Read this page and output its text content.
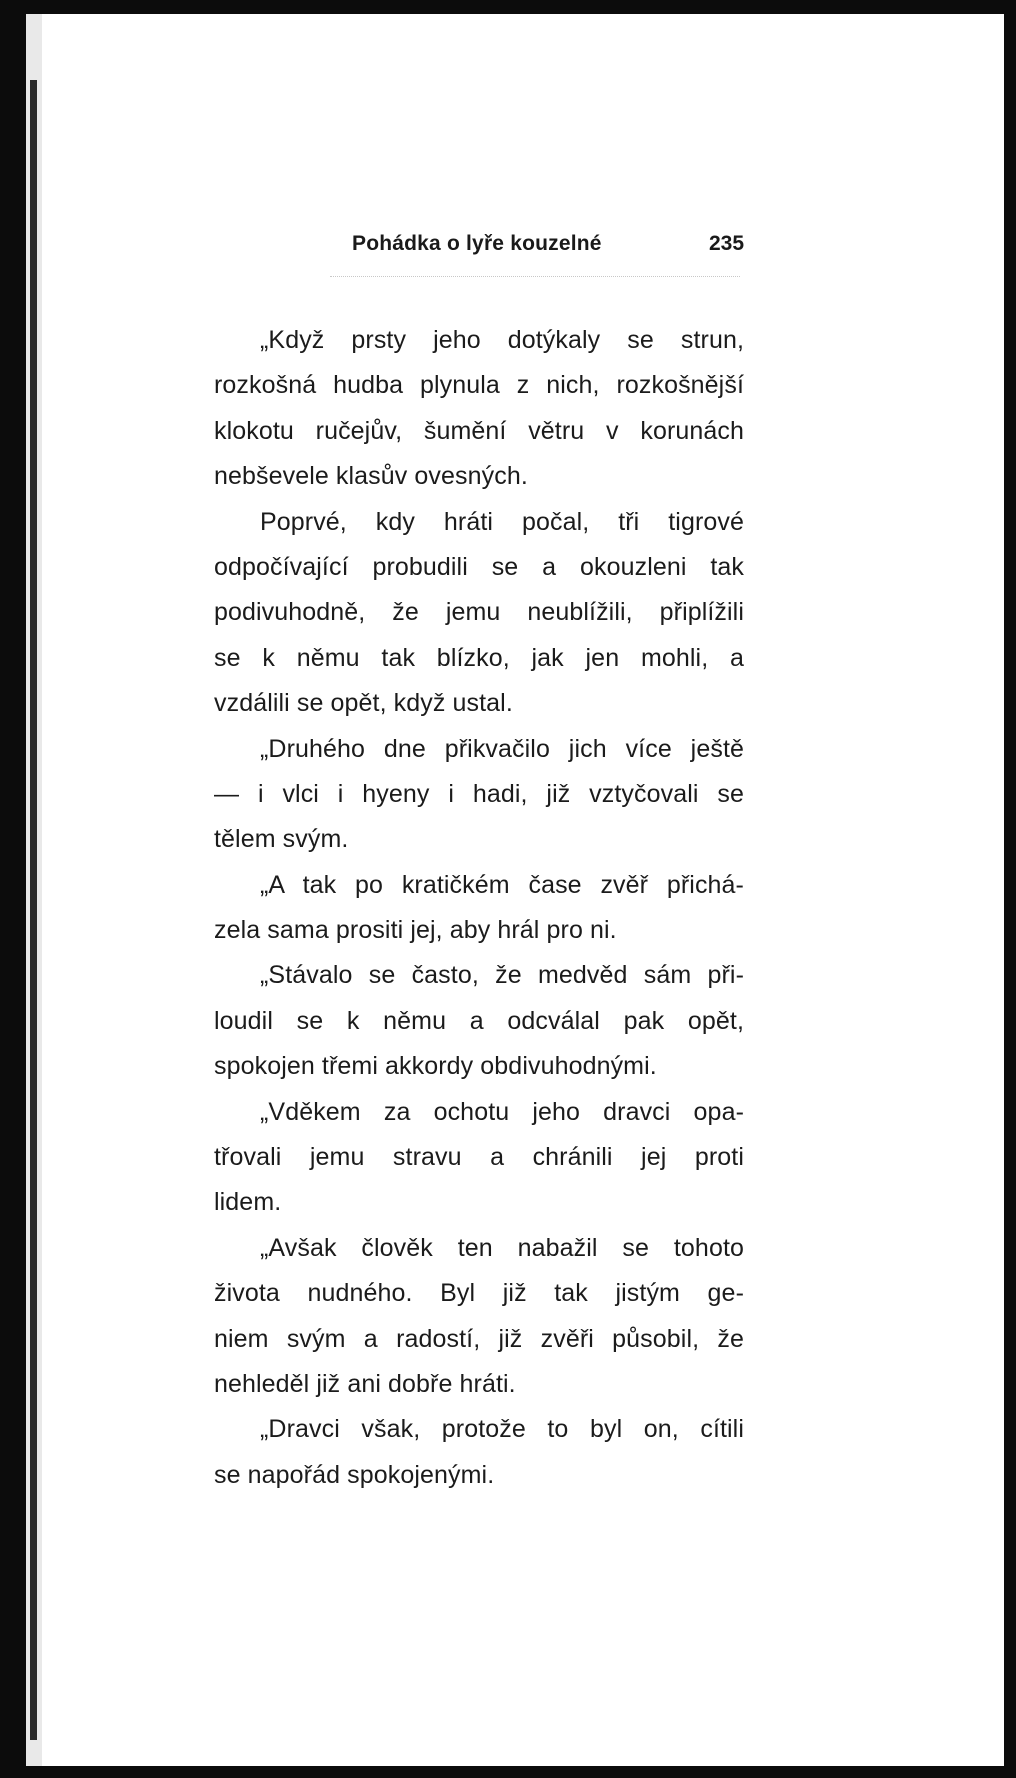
Pohádka o lyře kouzelné	235
„Když prsty jeho dotýkaly se strun,
rozkošná hudba plynula z nich, rozkošnější
klokotu ručejův, šumění větru v korunách
nebševele klasův ovesných.
Poprvé, kdy hráti počal, tři tigrové
odpočívající probudili se a okouzleni tak
podivuhodně, že jemu neublížili, připlížili
se k němu tak blízko, jak jen mohli, a
vzdálili se opět, když ustal.
„Druhého dne přikvačilo jich více ještě
— i vlci i hyeny i hadi, již vztyčovali se
tělem svým.
„A tak po kratičkém čase zvěř přichá-
zela sama prositi jej, aby hrál pro ni.
„Stávalo se často, že medvěd sám při-
loudil se k němu a odcválal pak opět,
spokojen třemi akkordy obdivuhodnými.
„Vděkem za ochotu jeho dravci opa-
třovali jemu stravu a chránili jej proti
lidem.
„Avšak člověk ten nabažil se tohoto
života nudného. Byl již tak jistým ge-
niem svým a radostí, již zvěři působil, že
nehleděl již ani dobře hráti.
„Dravci však, protože to byl on, cítili
se napořád spokojenými.
